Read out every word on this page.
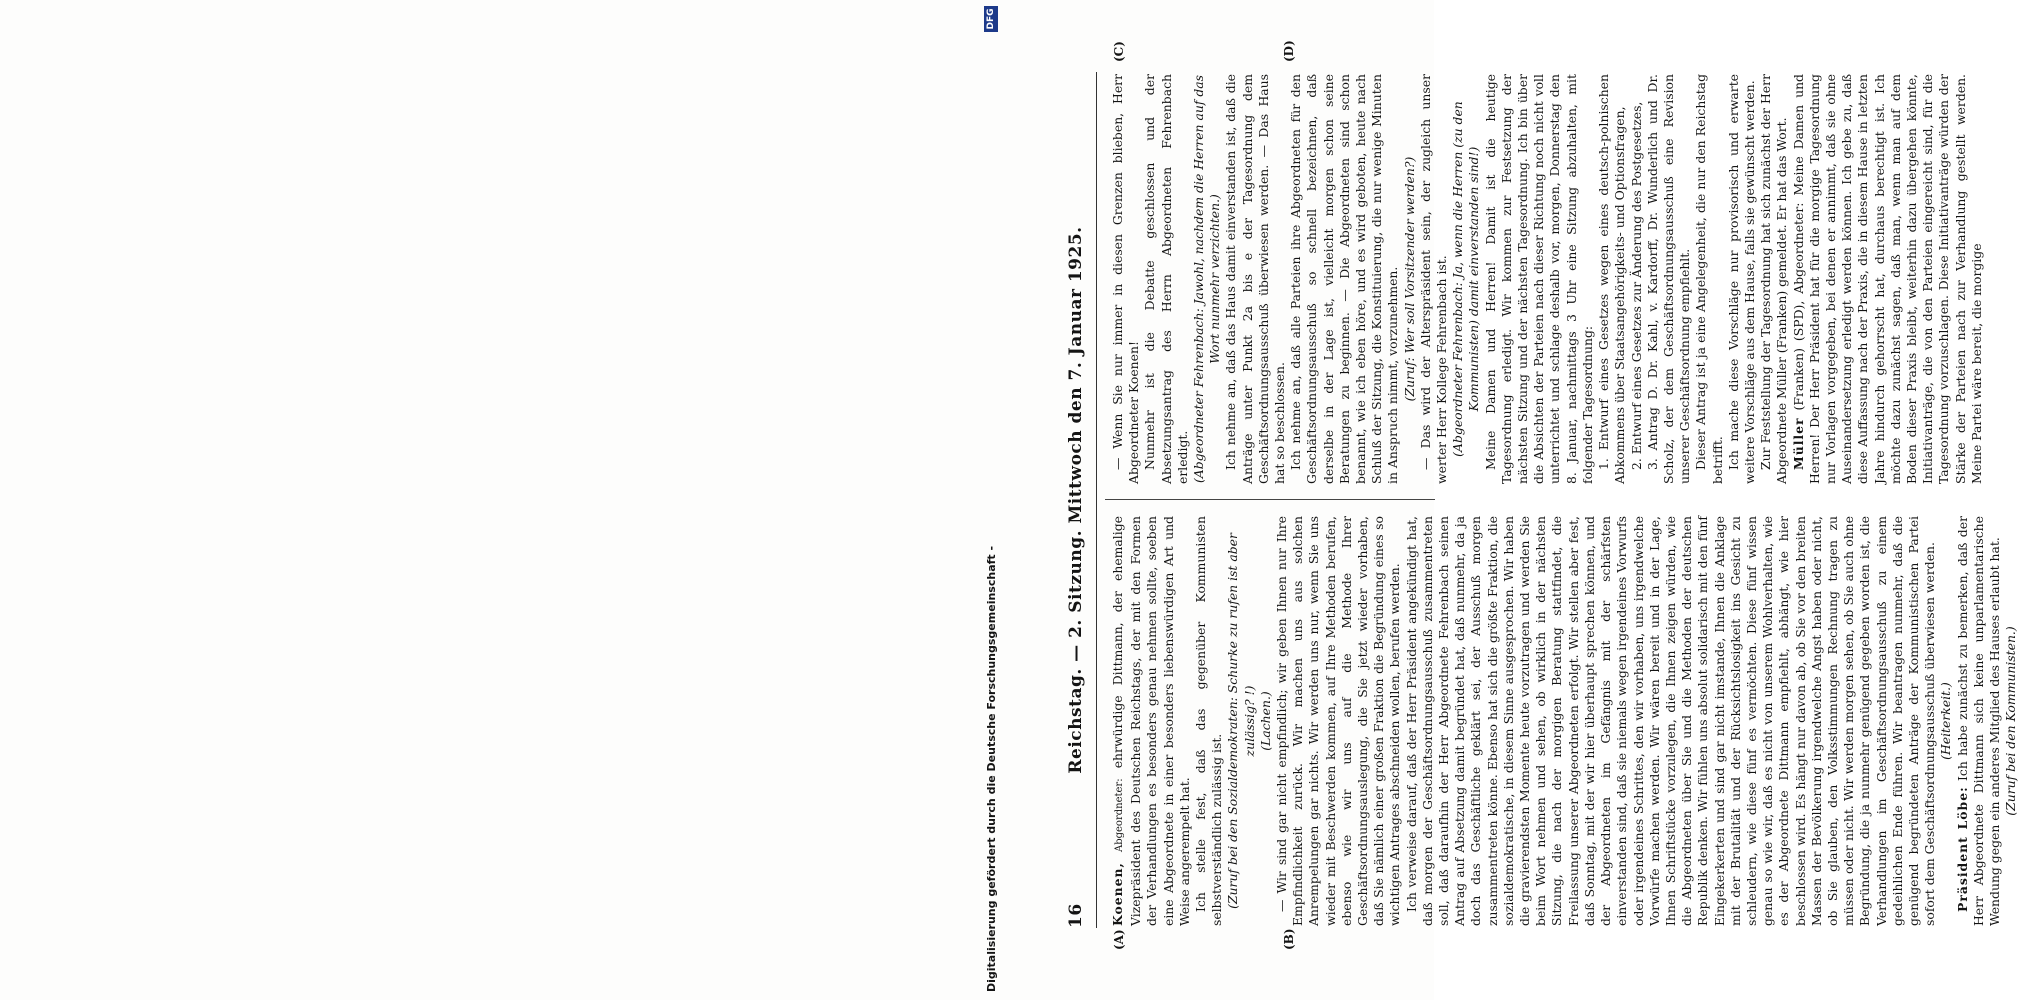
16
Reichstag. — 2. Sitzung. Mittwoch den 7. Januar 1925.
(A)	(B)
(C)	(D)

Koenen, Abgeordneter: ehrwürdige Dittmann, der ehemalige Vizepräsident des Deutschen Reichstags, der mit den Formen der Verhandlungen es besonders genau nehmen sollte, soeben eine Abgeordnete in einer besonders liebenswürdigen Art und Weise angerempelt hat. Ich stelle fest, daß das gegenüber Kommunisten selbstverständlich zulässig ist. (Zuruf bei den Sozialdemokraten: Schurke zu rufen ist aber zulässig? !) (Lachen.) — Wir sind gar nicht empfindlich; wir geben Ihnen nur Ihre Empfindlichkeit zurück. Wir machen uns aus solchen Anrempelungen gar nichts. Wir werden uns nur, wenn Sie uns wieder mit Beschwerden kommen, auf Ihre Methoden berufen, ebenso wie wir uns auf die Methode Ihrer Geschäftsordnungsauslegung, die Sie jetzt wieder vorhaben, daß Sie nämlich einer großen Fraktion die Begründung eines so wichtigen Antrages abschneiden wollen, berufen werden. Ich verweise darauf, daß der Herr Präsident angekündigt hat, daß morgen der Geschäftsordnungsausschuß zusammentreten soll, daß daraufhin der Herr Abgeordnete Fehrenbach seinen Antrag auf Absetzung damit begründet hat, daß nunmehr, da ja doch das Geschäftliche geklärt sei, der Ausschuß morgen zusammentreten könne. Ebenso hat sich die größte Fraktion, die sozialdemokratische, in diesem Sinne ausgesprochen. Wir haben die gravierendsten Momente heute vorzutragen und werden Sie beim Wort nehmen und sehen, ob wirklich in der nächsten Sitzung, die nach der morgigen Beratung stattfindet, die Freilassung unserer Abgeordneten erfolgt. Wir stellen aber fest, daß Sonntag, mit der wir hier überhaupt sprechen können, und der Abgeordneten im Gefängnis mit der schärfsten einverstanden sind, daß sie niemals wegen irgendeines Vorwurfs oder irgendeines Schrittes, den wir vorhaben, uns irgendwelche Vorwürfe machen werden. Wir wären bereit und in der Lage, Ihnen Schriftstücke vorzulegen, die Ihnen zeigen würden, wie die Abgeordneten über Sie und die Methoden der deutschen Republik denken. Wir fühlen uns absolut solidarisch mit den fünf Eingekerkerten und sind gar nicht imstande, Ihnen die Anklage mit der Brutalität und der Rücksichtslosigkeit ins Gesicht zu schleudern, wie diese fünf es vermöchten. Diese fünf wissen genau so wie wir, daß es nicht von unserem Wohlverhalten, wie es der Abgeordnete Dittmann empfiehlt, abhängt, wie hier beschlossen wird. Es hängt nur davon ab, ob Sie vor den breiten Massen der Bevölkerung irgendwelche Angst haben oder nicht, ob Sie glauben, den Volksstimmungen Rechnung tragen zu müssen oder nicht. Wir werden morgen sehen, ob Sie auch ohne Begründung, die ja nunmehr genügend gegeben worden ist, die Verhandlungen im Geschäftsordnungsausschuß zu einem gedeihlichen Ende führen. Wir beantragen nunmehr, daß die genügend begründeten Anträge der Kommunistischen Partei sofort dem Geschäftsordnungsausschuß überwiesen werden. (Heiterkeit.)

Präsident Löbe: Ich habe zunächst zu bemerken, daß der Herr Abgeordnete Dittmann sich keine unparlamentarische Wendung gegen ein anderes Mitglied des Hauses erlaubt hat. (Zuruf bei den Kommunisten.)

— Wenn Sie nur immer in diesen Grenzen blieben, Herr Abgeordneter Koenen! Nunmehr ist die Debatte geschlossen und der Absetzungsantrag des Herrn Abgeordneten Fehrenbach erledigt. (Abgeordneter Fehrenbach: Jawohl, nachdem die Herren auf das Wort nunmehr verzichten.) Ich nehme an, daß das Haus damit einverstanden ist, daß die Anträge unter Punkt 2a bis e der Tagesordnung dem Geschäftsordnungsausschuß überwiesen werden. — Das Haus hat so beschlossen. Ich nehme an, daß alle Parteien ihre Abgeordneten für den Geschäftsordnungsausschuß so schnell bezeichnen, daß derselbe in der Lage ist, vielleicht morgen schon seine Beratungen zu beginnen. — Die Abgeordneten sind schon benannt, wie ich eben höre, und es wird geboten, heute nach Schluß der Sitzung, die Konstituierung, die nur wenige Minuten in Anspruch nimmt, vorzunehmen. (Zuruf: Wer soll Vorsitzender werden?) — Das wird der Alterspräsident sein, der zugleich unser werter Herr Kollege Fehrenbach ist. (Abgeordneter Fehrenbach: Ja, wenn die Herren (zu den Kommunisten) damit einverstanden sind!) Meine Damen und Herren! Damit ist die heutige Tagesordnung erledigt. Wir kommen zur Festsetzung der nächsten Sitzung und der nächsten Tagesordnung. Ich bin über die Absichten der Parteien nach dieser Richtung noch nicht voll unterrichtet und schlage deshalb vor, morgen, Donnerstag den 8. Januar, nachmittags 3 Uhr eine Sitzung abzuhalten, mit folgender Tagesordnung: 1. Entwurf eines Gesetzes wegen eines deutsch-polnischen Abkommens über Staatsangehörigkeits- und Optionsfragen, 2. Entwurf eines Gesetzes zur Änderung des Postgesetzes, 3. Antrag D. Dr. Kahl, v. Kardorff, Dr. Wunderlich und Dr. Scholz, der dem Geschäftsordnungsausschuß eine Revision unserer Geschäftsordnung empfiehlt. Dieser Antrag ist ja eine Angelegenheit, die nur den Reichstag betrifft. Ich mache diese Vorschläge nur provisorisch und erwarte weitere Vorschläge aus dem Hause, falls sie gewünscht werden. Zur Feststellung der Tagesordnung hat sich zunächst der Herr Abgeordnete Müller (Franken) gemeldet. Er hat das Wort. Müller (Franken) (SPD), Abgeordneter: Meine Damen und Herren! Der Herr Präsident hat für die morgige Tagesordnung nur Vorlagen vorgegeben, bei denen er annimmt, daß sie ohne Auseinandersetzung erledigt werden können. Ich gebe zu, daß diese Auffassung nach der Praxis, die in diesem Hause in letzten Jahre hindurch gehorrscht hat, durchaus berechtigt ist. Ich möchte dazu zunächst sagen, daß man, wenn man auf dem Boden dieser Praxis bleibt, weiterhin dazu übergehen könnte, Initiativanträge, die von den Parteien eingereicht sind, für die Tagesordnung vorzuschlagen. Diese Initiativanträge würden der Stärke der Parteien nach zur Verhandlung gestellt werden. Meine Partei wäre bereit, die morgige

Digitalisierung gefördert durch die Deutsche Forschungsgemeinschaft -
DFG
